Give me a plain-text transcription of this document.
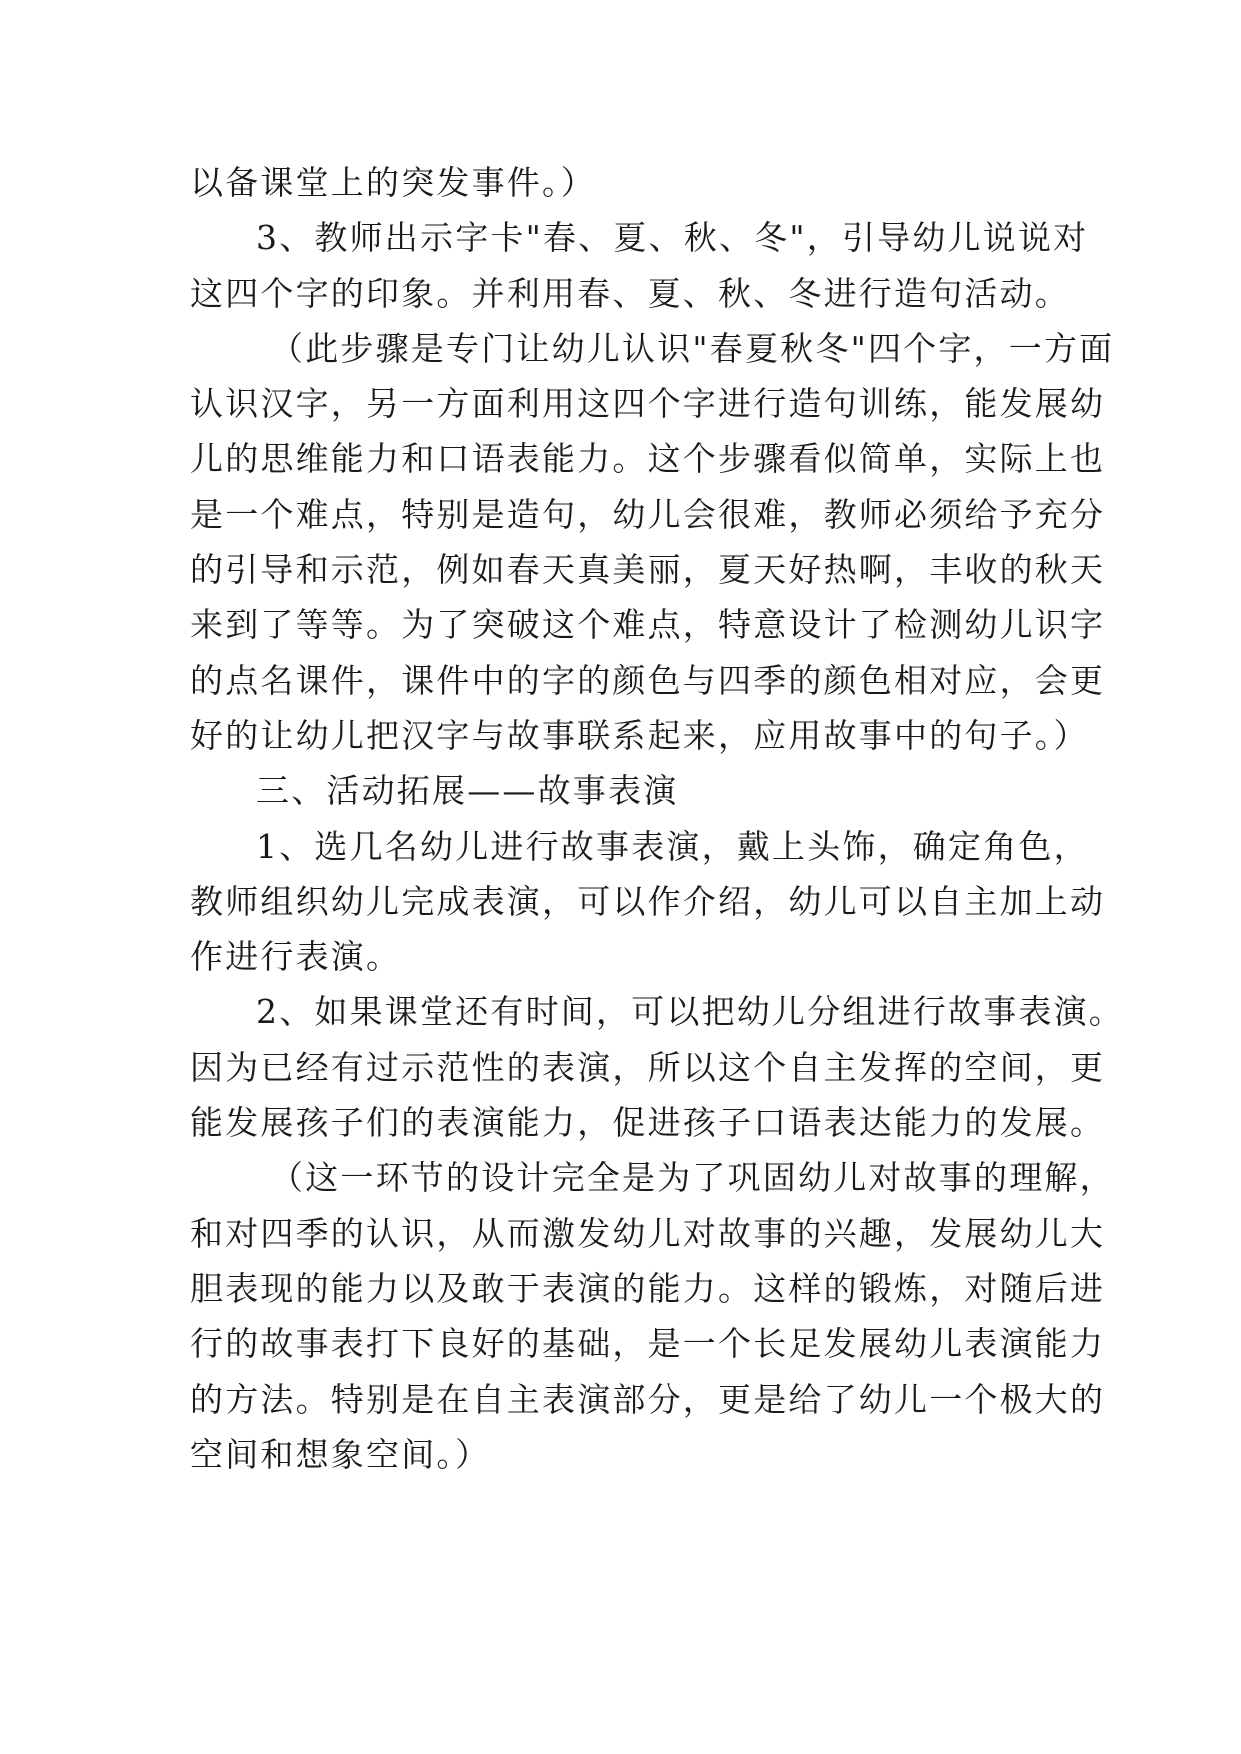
以备课堂上的突发事件。）
3、教师出示字卡"春、夏、秋、冬"，引导幼儿说说对
这四个字的印象。并利用春、夏、秋、冬进行造句活动。
（此步骤是专门让幼儿认识"春夏秋冬"四个字，一方面
认识汉字，另一方面利用这四个字进行造句训练，能发展幼
儿的思维能力和口语表能力。这个步骤看似简单，实际上也
是一个难点，特别是造句，幼儿会很难，教师必须给予充分
的引导和示范，例如春天真美丽，夏天好热啊，丰收的秋天
来到了等等。为了突破这个难点，特意设计了检测幼儿识字
的点名课件，课件中的字的颜色与四季的颜色相对应，会更
好的让幼儿把汉字与故事联系起来，应用故事中的句子。）
三、活动拓展——故事表演
1、选几名幼儿进行故事表演，戴上头饰，确定角色，
教师组织幼儿完成表演，可以作介绍，幼儿可以自主加上动
作进行表演。
2、如果课堂还有时间，可以把幼儿分组进行故事表演。
因为已经有过示范性的表演，所以这个自主发挥的空间，更
能发展孩子们的表演能力，促进孩子口语表达能力的发展。
（这一环节的设计完全是为了巩固幼儿对故事的理解，
和对四季的认识，从而激发幼儿对故事的兴趣，发展幼儿大
胆表现的能力以及敢于表演的能力。这样的锻炼，对随后进
行的故事表打下良好的基础，是一个长足发展幼儿表演能力
的方法。特别是在自主表演部分，更是给了幼儿一个极大的
空间和想象空间。）
